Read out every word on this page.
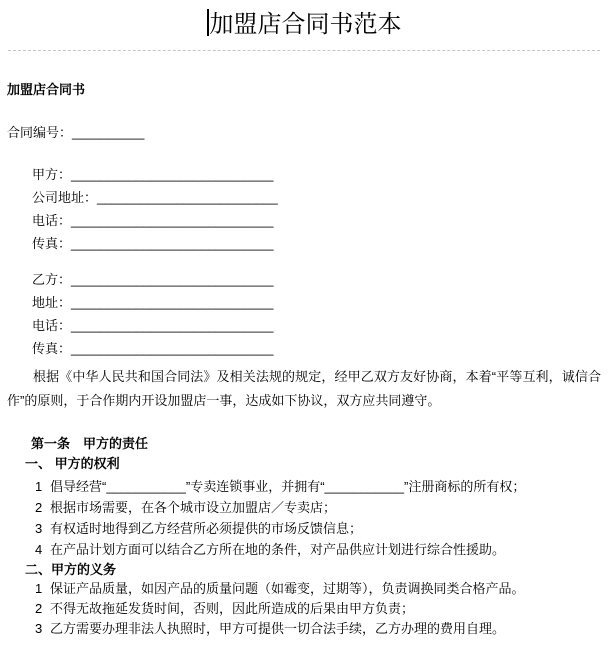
加盟店合同书范本
加盟店合同书
合同编号：__________
甲方：____________________________
公司地址：_________________________
电话：____________________________
传真：____________________________
乙方：____________________________
地址：____________________________
电话：____________________________
传真：____________________________

根据《中华人民共和国合同法》及相关法规的规定，经甲乙双方友好协商，本着“平等互利，诚信合作”的原则，于合作期内开设加盟店一事，达成如下协议，双方应共同遵守。

第一条　甲方的责任
一、 甲方的权利
1 倡导经营“___________”专卖连锁事业，并拥有“___________”注册商标的所有权；
2 根据市场需要，在各个城市设立加盟店／专卖店；
3 有权适时地得到乙方经营所必须提供的市场反馈信息；
4 在产品计划方面可以结合乙方所在地的条件，对产品供应计划进行综合性援助。
二、甲方的义务
1 保证产品质量，如因产品的质量问题（如霉变，过期等），负责调换同类合格产品。
2 不得无故拖延发货时间，否则，因此所造成的后果由甲方负责；
3 乙方需要办理非法人执照时，甲方可提供一切合法手续，乙方办理的费用自理。
